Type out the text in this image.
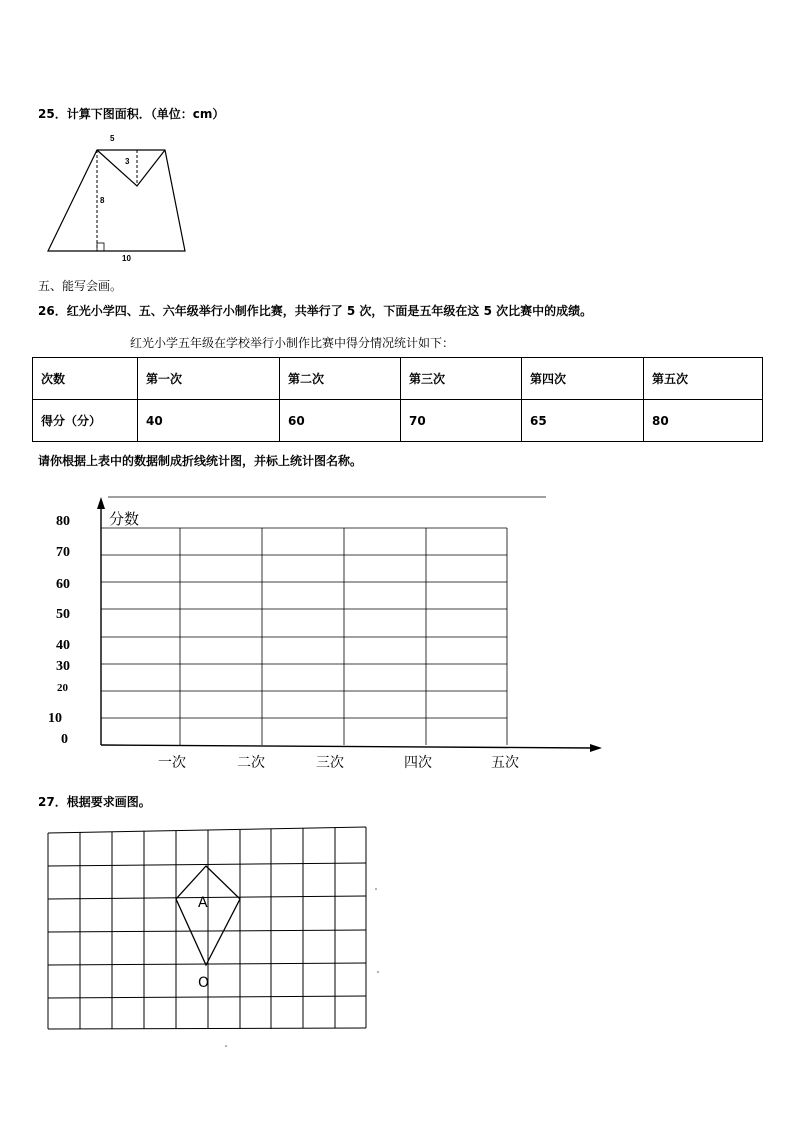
25．计算下图面积．（单位：cm）
5
3
8
10
五、能写会画。
26．红光小学四、五、六年级举行小制作比赛，共举行了 5 次，下面是五年级在这 5 次比赛中的成绩。
红光小学五年级在学校举行小制作比赛中得分情况统计如下：
次数	第一次	第二次	第三次	第四次	第五次
得分（分）	40	60	70	65	80
请你根据上表中的数据制成折线统计图，并标上统计图名称。
分数
80
70
60
50
40
30
20
10
0
一次	二次	三次	四次	五次
27．根据要求画图。
A
O
